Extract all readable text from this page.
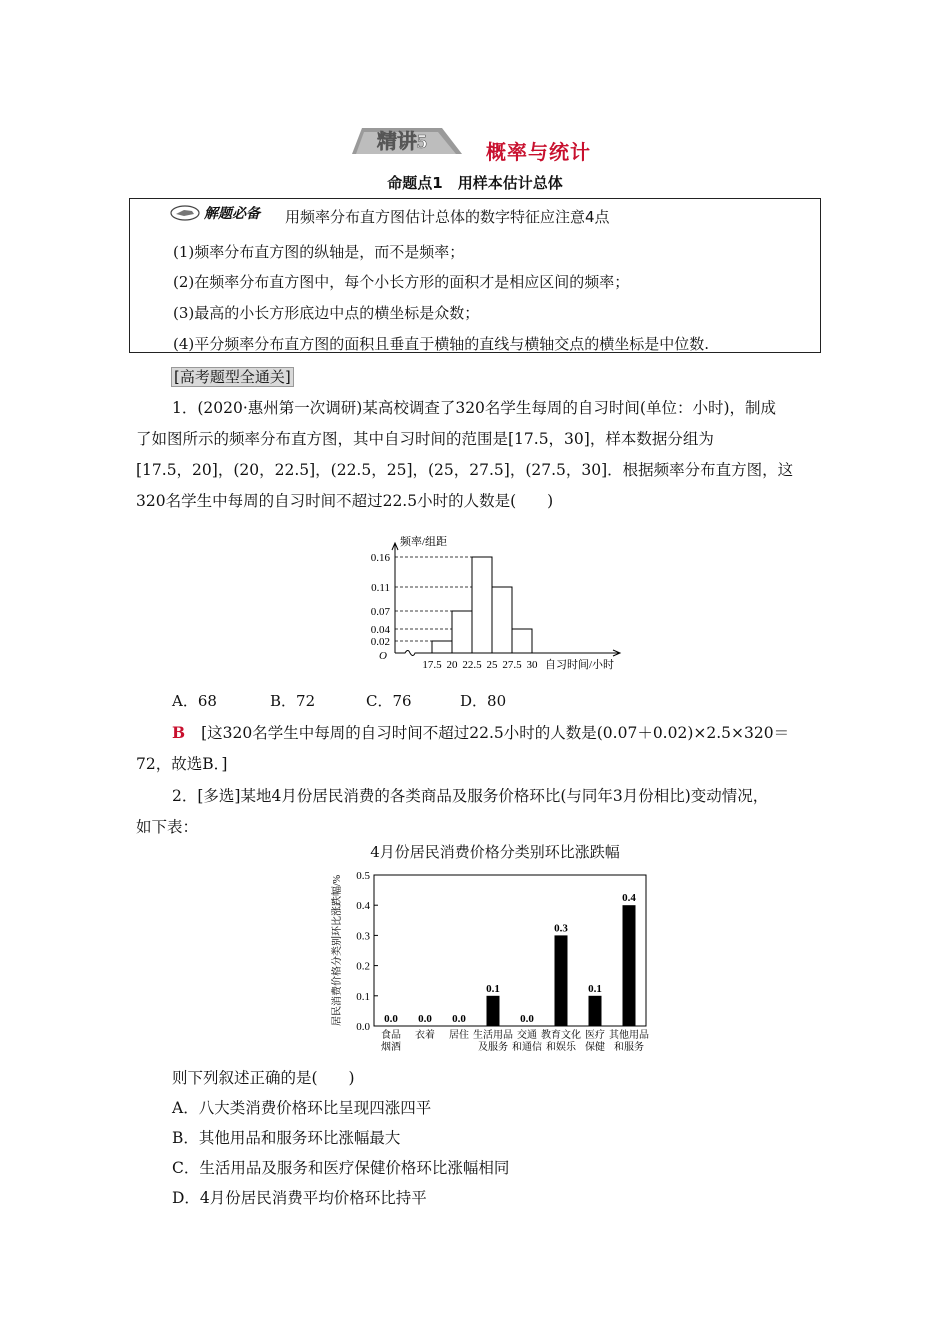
精讲5	概率与统计
命题点1　用样本估计总体
解题必备 用频率分布直方图估计总体的数字特征应注意4点
(1)频率分布直方图的纵轴是，而不是频率；
(2)在频率分布直方图中，每个小长方形的面积才是相应区间的频率；
(3)最高的小长方形底边中点的横坐标是众数；
(4)平分频率分布直方图的面积且垂直于横轴的直线与横轴交点的横坐标是中位数.
[高考题型全通关]
1．(2020·惠州第一次调研)某高校调查了320名学生每周的自习时间(单位：小时)，制成
了如图所示的频率分布直方图，其中自习时间的范围是[17.5，30]，样本数据分组为
[17.5，20]，(20，22.5]，(22.5，25]，(25，27.5]，(27.5，30]．根据频率分布直方图，这
320名学生中每周的自习时间不超过22.5小时的人数是(　　)
0.02
0.04
0.07
0.11
0.16
17.5 20 22.5 25 27.5 30
O
频率/组距
自习时间/小时
A．68	B．72	C．76	D．80
B [这320名学生中每周的自习时间不超过22.5小时的人数是(0.07＋0.02)×2.5×320＝
72，故选B．]
2．[多选]某地4月份居民消费的各类商品及服务价格环比(与同年3月份相比)变动情况，
如下表：
4月份居民消费价格分类别环比涨跌幅
0.0
0.1
0.2
0.3
0.4
0.5
居民消费价格分类别环比涨跌幅/%	0.0
食品
烟酒
0.0
衣着
0.0
居住
0.1
生活用品
及服务
0.0
交通
和通信
0.3
教育文化
和娱乐
0.1
医疗
保健
0.4
其他用品
和服务
则下列叙述正确的是(　　)
A．八大类消费价格环比呈现四涨四平
B．其他用品和服务环比涨幅最大
C．生活用品及服务和医疗保健价格环比涨幅相同
D．4月份居民消费平均价格环比持平
